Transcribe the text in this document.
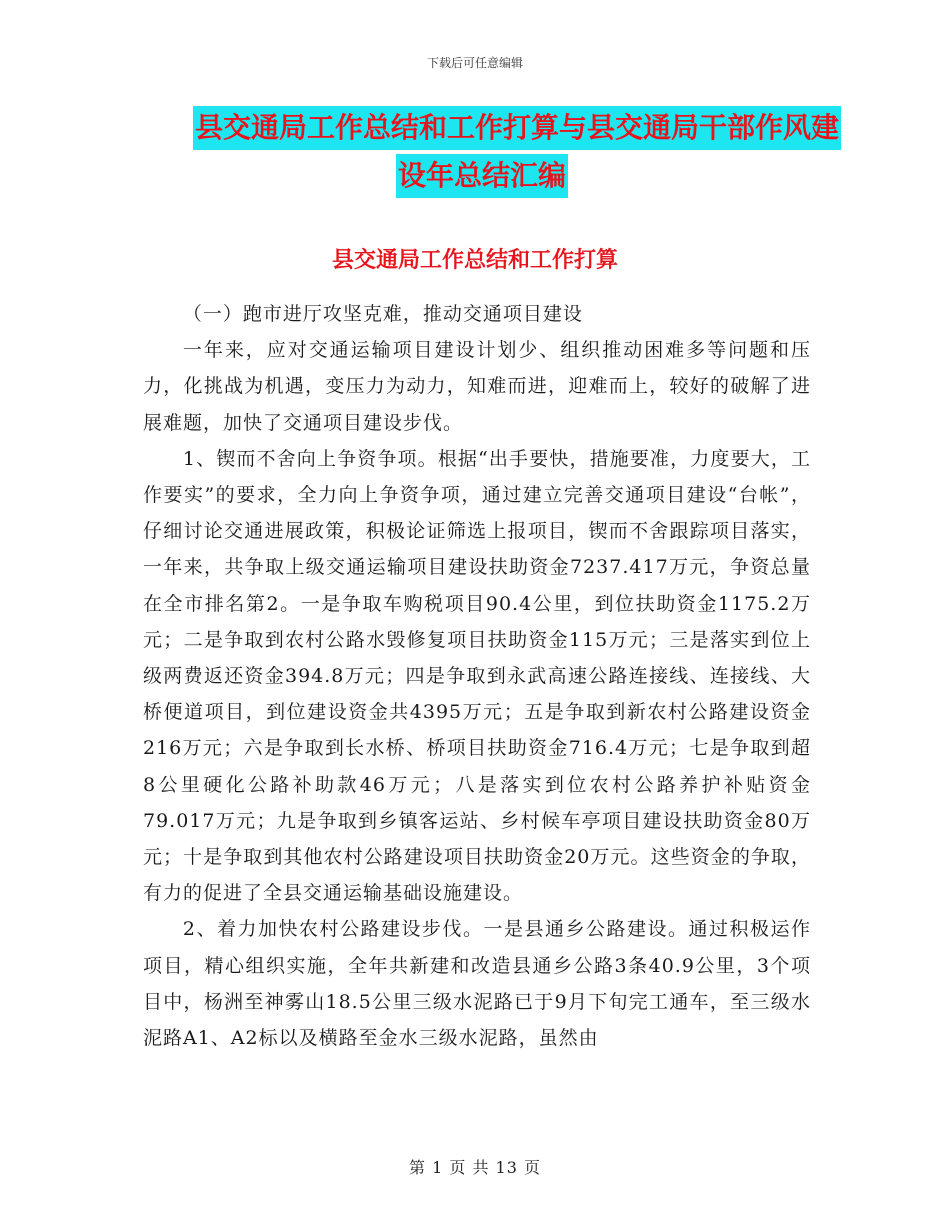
下载后可任意编辑
县交通局工作总结和工作打算与县交通局干部作风建
设年总结汇编
县交通局工作总结和工作打算

（一）跑市进厅攻坚克难，推动交通项目建设

一年来，应对交通运输项目建设计划少、组织推动困难多等问题和压力，化挑战为机遇，变压力为动力，知难而进，迎难而上，较好的破解了进展难题，加快了交通项目建设步伐。

1、锲而不舍向上争资争项。根据“出手要快，措施要准，力度要大，工作要实”的要求，全力向上争资争项，通过建立完善交通项目建设“台帐”，仔细讨论交通进展政策，积极论证筛选上报项目，锲而不舍跟踪项目落实，一年来，共争取上级交通运输项目建设扶助资金7237.417万元，争资总量在全市排名第2。一是争取车购税项目90.4公里，到位扶助资金1175.2万元；二是争取到农村公路水毁修复项目扶助资金115万元；三是落实到位上级两费返还资金394.8万元；四是争取到永武高速公路连接线、连接线、大桥便道项目，到位建设资金共4395万元；五是争取到新农村公路建设资金216万元；六是争取到长水桥、桥项目扶助资金716.4万元；七是争取到超8公里硬化公路补助款46万元；八是落实到位农村公路养护补贴资金79.017万元；九是争取到乡镇客运站、乡村候车亭项目建设扶助资金80万元；十是争取到其他农村公路建设项目扶助资金20万元。这些资金的争取，有力的促进了全县交通运输基础设施建设。

2、着力加快农村公路建设步伐。一是县通乡公路建设。通过积极运作项目，精心组织实施，全年共新建和改造县通乡公路3条40.9公里，3个项目中，杨洲至神雾山18.5公里三级水泥路已于9月下旬完工通车，至三级水泥路A1、A2标以及横路至金水三级水泥路，虽然由

第 1 页 共 13 页
